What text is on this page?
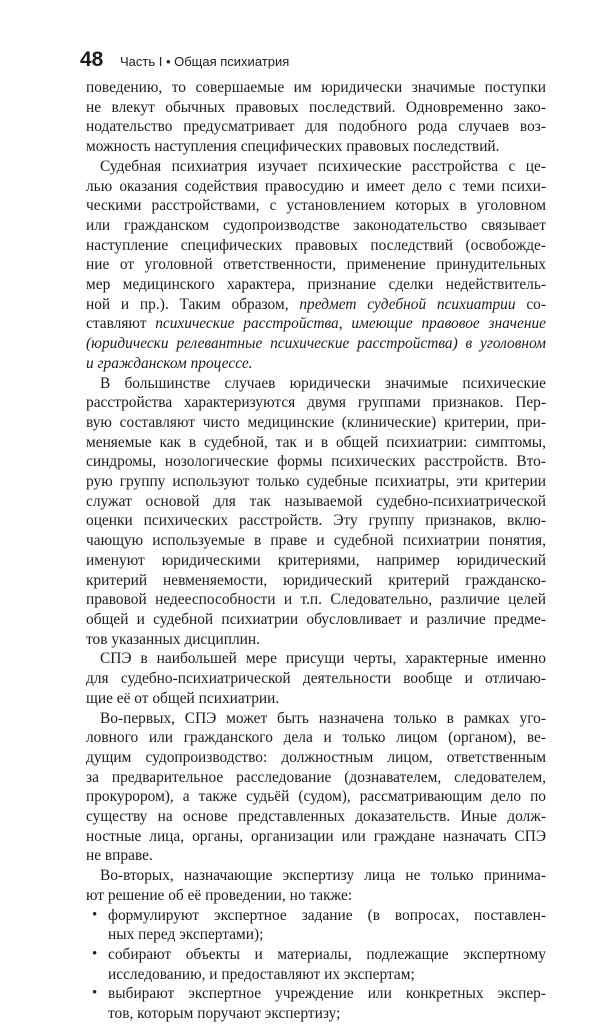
48 Часть I • Общая психиатрия

поведению, то совершаемые им юридически значимые поступки
не влекут обычных правовых последствий. Одновременно зако-
нодательство предусматривает для подобного рода случаев воз-
можность наступления специфических правовых последствий.

Судебная психиатрия изучает психические расстройства с це-
лью оказания содействия правосудию и имеет дело с теми психи-
ческими расстройствами, с установлением которых в уголовном
или гражданском судопроизводстве законодательство связывает
наступление специфических правовых последствий (освобожде-
ние от уголовной ответственности, применение принудительных
мер медицинского характера, признание сделки недействитель-
ной и пр.). Таким образом, предмет судебной психиатрии со-
ставляют психические расстройства, имеющие правовое значение
(юридически релевантные психические расстройства) в уголовном
и гражданском процессе.

В большинстве случаев юридически значимые психические
расстройства характеризуются двумя группами признаков. Пер-
вую составляют чисто медицинские (клинические) критерии, при-
меняемые как в судебной, так и в общей психиатрии: симптомы,
синдромы, нозологические формы психических расстройств. Вто-
рую группу используют только судебные психиатры, эти критерии
служат основой для так называемой судебно-психиатрической
оценки психических расстройств. Эту группу признаков, вклю-
чающую используемые в праве и судебной психиатрии понятия,
именуют юридическими критериями, например юридический
критерий невменяемости, юридический критерий гражданско-
правовой недееспособности и т.п. Следовательно, различие целей
общей и судебной психиатрии обусловливает и различие предме-
тов указанных дисциплин.

СПЭ в наибольшей мере присущи черты, характерные именно
для судебно-психиатрической деятельности вообще и отличаю-
щие её от общей психиатрии.

Во-первых, СПЭ может быть назначена только в рамках уго-
ловного или гражданского дела и только лицом (органом), ве-
дущим судопроизводство: должностным лицом, ответственным
за предварительное расследование (дознавателем, следователем,
прокурором), а также судьёй (судом), рассматривающим дело по
существу на основе представленных доказательств. Иные долж-
ностные лица, органы, организации или граждане назначать СПЭ
не вправе.

Во-вторых, назначающие экспертизу лица не только принима-
ют решение об её проведении, но также:

• формулируют экспертное задание (в вопросах, поставлен-
ных перед экспертами);
• собирают объекты и материалы, подлежащие экспертному
исследованию, и предоставляют их экспертам;
• выбирают экспертное учреждение или конкретных экспер-
тов, которым поручают экспертизу;
